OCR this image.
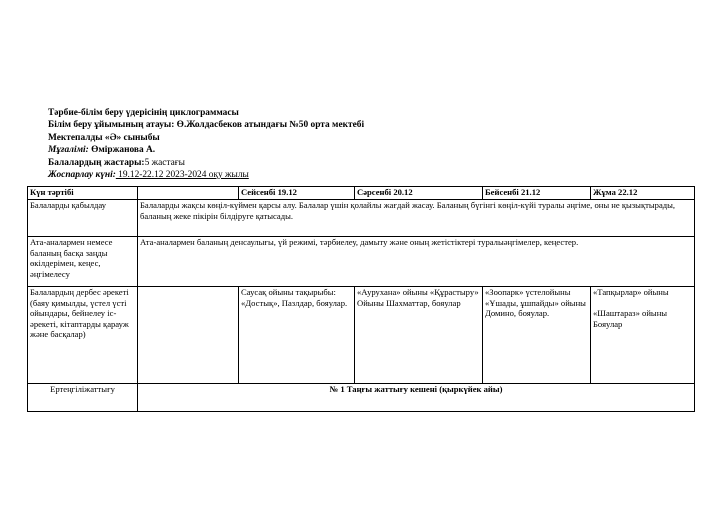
Тәрбие-білім беру үдерісінің циклограммасы
Білім беру ұйымының атауы: Ө.Жолдасбеков атындағы №50 орта мектебі
Мектепалды «Ә» сыныбы
Мұғалімі: Өміржанова А.
Балалардың жастары:5 жастағы
Жоспарлау күні: 19.12-22.12 2023-2024 оқу жылы
Күн тәртібі		Сейсенбі 19.12	Сәрсенбі 20.12	Бейсенбі 21.12	Жұма 22.12
Балаларды қабылдау	Балаларды жақсы көңіл-күймен қарсы алу. Балалар үшін қолайлы жағдай жасау. Баланың бүгінгі көңіл-күйі туралы әңгіме, оны не қызықтырады, баланың жеке пікірін білдіруге қатысады.				
Ата-аналармен немесе баланың басқа заңды өкілдерімен, кеңес, әңгімелесу	Ата-аналармен баланың денсаулығы, үй режимі, тәрбиелеу, дамыту және оның жетістіктері туралыәңгімелер, кеңестер.				
Балалардың дербес әрекеті (баяу қимылды, үстел үсті ойындары, бейнелеу іс- әрекеті, кітаптарды қарауж және басқалар)		Саусақ ойыны тақырыбы: «Достық», Пазлдар, бояулар.	«Аурухана» ойыны «Құрастыру» Ойыны Шахматтар, бояулар	«Зоопарк» үстелойыны «Ұшады, ұшпайды» ойыны Домино, бояулар.	«Тапқырлар» ойыны

«Шаштараз» ойыны Бояулар
Ертеңгіліжаттығу	№ 1 Таңғы жаттығу кешені (қыркүйек айы)				
